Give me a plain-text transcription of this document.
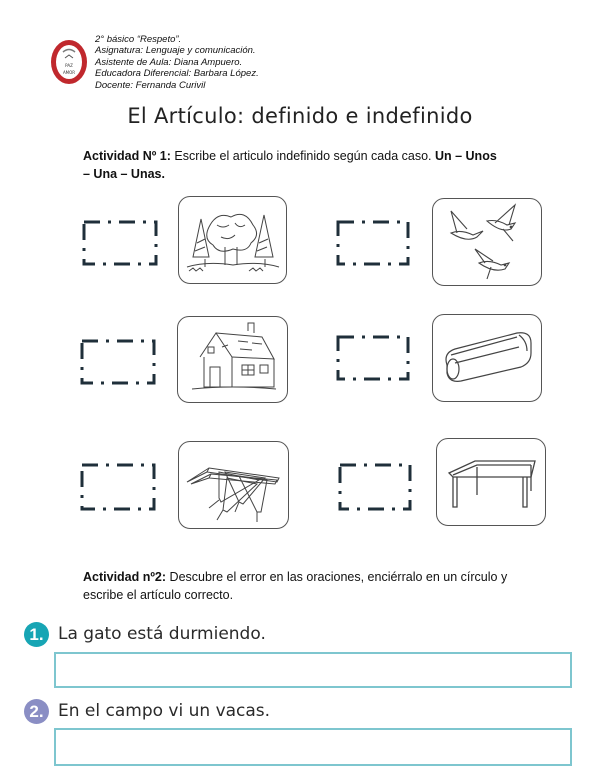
PAZ
AMOR
2° básico “Respeto”.
Asignatura: Lenguaje y comunicación.
Asistente de Aula: Diana Ampuero.
Educadora Diferencial: Barbara López.
Docente: Fernanda Curivil
El Artículo: definido e indefinido
Actividad Nº 1: Escribe el articulo indefinido según cada caso. Un – Unos
– Una – Unas.
Actividad nº2: Descubre el error en las oraciones, enciérralo en un círculo y escribe el artículo correcto.
1. La gato está durmiendo.
2. En el campo vi un vacas.
